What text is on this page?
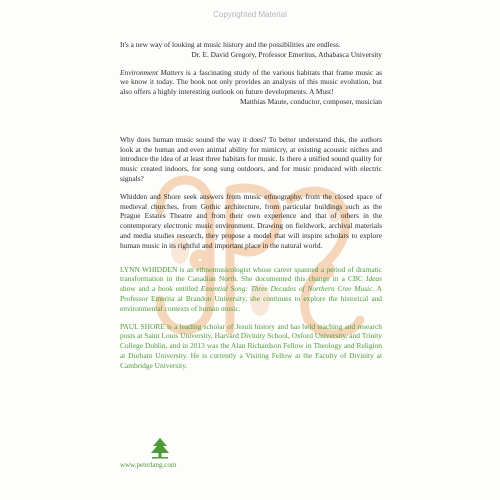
Copyrighted Material

It's a new way of looking at music history and the possibilities are endless.

Dr. E. David Gregory, Professor Emeritus, Athabasca University

Environment Matters is a fascinating study of the various habitats that frame music as we know it today. The book not only provides an analysis of this music evolution, but also offers a highly interesting outlook on future developments. A Must!

Matthias Maute, conductor, composer, musician

Why does human music sound the way it does? To better understand this, the authors look at the human and even animal ability for mimicry, at existing acoustic niches and introduce the idea of at least three habitats for music. Is there a unified sound quality for music created indoors, for song sung outdoors, and for music produced with electric signals?

Whidden and Shore seek answers from music ethnography, from the closed space of medieval churches, from Gothic architecture, from particular buildings such as the Prague Estates Theatre and from their own experience and that of others in the contemporary electronic music environment. Drawing on fieldwork, archival materials and media studies research, they propose a model that will inspire scholars to explore human music in its rightful and important place in the natural world.

LYNN WHIDDEN is an ethnomusicologist whose career spanned a period of dramatic transformation in the Canadian North. She documented this change in a CBC Ideas show and a book entitled Essential Song: Three Decades of Northern Cree Music. A Professor Emerita at Brandon University, she continues to explore the historical and environmental contexts of human music.

PAUL SHORE is a leading scholar of Jesuit history and has held teaching and research posts at Saint Louis University, Harvard Divinity School, Oxford University, and Trinity College Dublin, and in 2013 was the Alan Richardson Fellow in Theology and Religion at Durham University. He is currently a Visiting Fellow at the Faculty of Divinity at Cambridge University.

www.peterlang.com
